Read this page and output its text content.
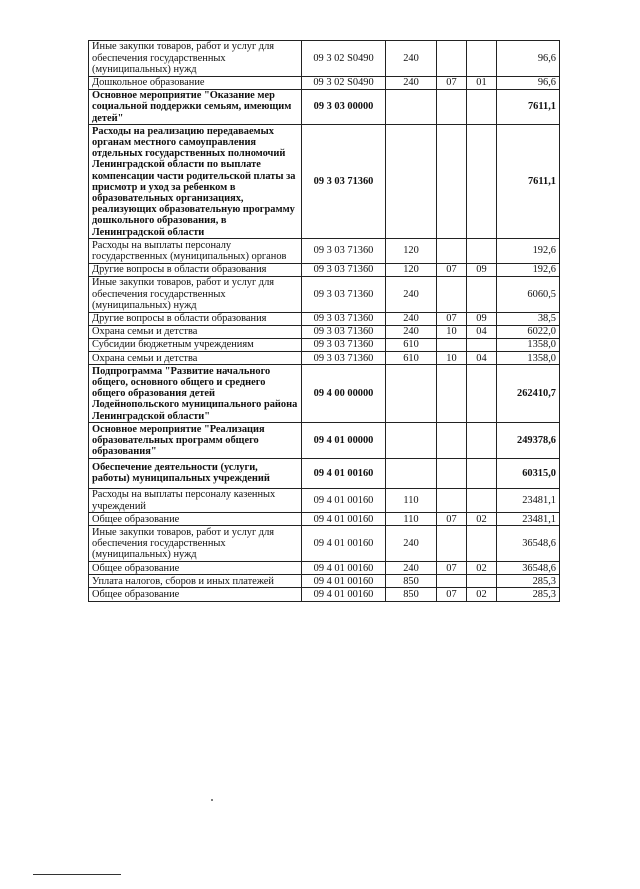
Иные закупки товаров, работ и услуг для обеспечения государственных (муниципальных) нужд	09 3 02 S0490	240			96,6
Дошкольное образование	09 3 02 S0490	240	07	01	96,6
Основное мероприятие "Оказание мер социальной поддержки семьям, имеющим детей"	09 3 03 00000				7611,1
Расходы на реализацию передаваемых органам местного самоуправления отдельных государственных полномочий Ленинградской области по выплате компенсации части родительской платы за присмотр и уход за ребенком в образовательных организациях, реализующих образовательную программу дошкольного образования, в Ленинградской области	09 3 03 71360				7611,1
Расходы на выплаты персоналу государственных (муниципальных) органов	09 3 03 71360	120			192,6
Другие вопросы в области образования	09 3 03 71360	120	07	09	192,6
Иные закупки товаров, работ и услуг для обеспечения государственных (муниципальных) нужд	09 3 03 71360	240			6060,5
Другие вопросы в области образования	09 3 03 71360	240	07	09	38,5
Охрана семьи и детства	09 3 03 71360	240	10	04	6022,0
Субсидии бюджетным учреждениям	09 3 03 71360	610			1358,0
Охрана семьи и детства	09 3 03 71360	610	10	04	1358,0
Подпрограмма "Развитие начального общего, основного общего и среднего общего образования детей Лодейнопольского муниципального района Ленинградской области"	09 4 00 00000				262410,7
Основное мероприятие "Реализация образовательных программ общего образования"	09 4 01 00000				249378,6
Обеспечение деятельности (услуги, работы) муниципальных учреждений	09 4 01 00160				60315,0
Расходы на выплаты персоналу казенных учреждений	09 4 01 00160	110			23481,1
Общее образование	09 4 01 00160	110	07	02	23481,1
Иные закупки товаров, работ и услуг для обеспечения государственных (муниципальных) нужд	09 4 01 00160	240			36548,6
Общее образование	09 4 01 00160	240	07	02	36548,6
Уплата налогов, сборов и иных платежей	09 4 01 00160	850			285,3
Общее образование	09 4 01 00160	850	07	02	285,3
